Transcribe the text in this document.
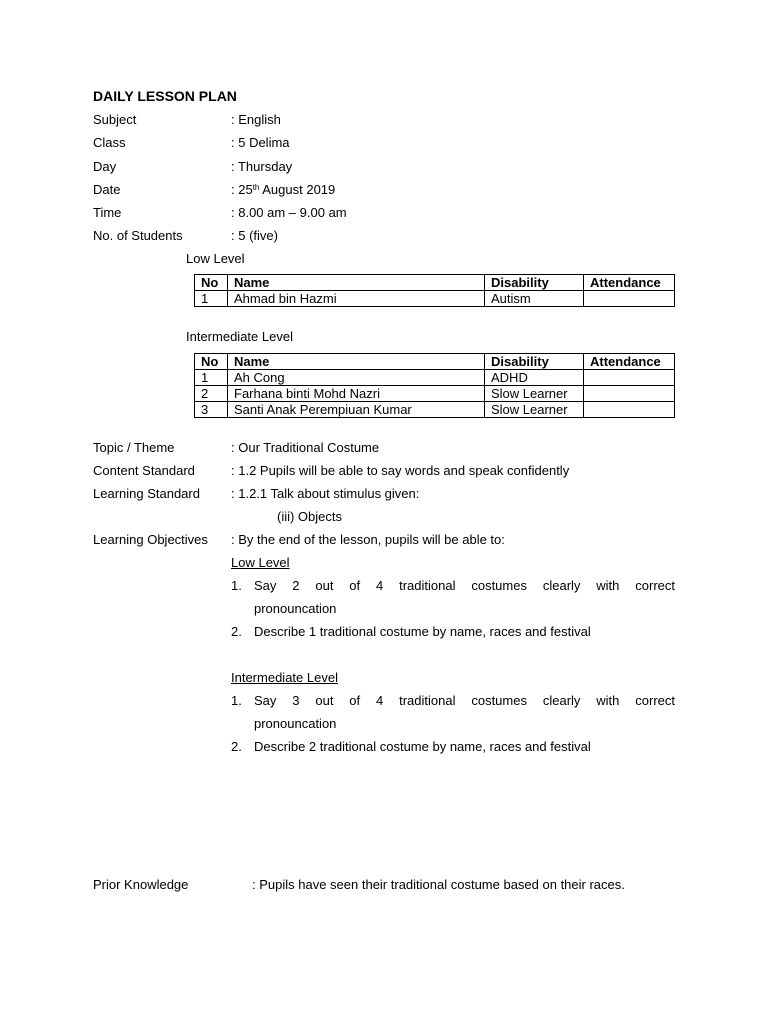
DAILY LESSON PLAN
Subject	: English
Class	: 5 Delima
Day	: Thursday
Date	: 25th August 2019
Time	: 8.00 am – 9.00 am
No. of Students	: 5 (five)
Low Level
No	Name	Disability	Attendance
1	Ahmad bin Hazmi	Autism	
Intermediate Level
No	Name	Disability	Attendance
1	Ah Cong	ADHD	
2	Farhana binti Mohd Nazri	Slow Learner	
3	Santi Anak Perempiuan Kumar	Slow Learner	
Topic / Theme	: Our Traditional Costume
Content Standard	: 1.2 Pupils will be able to say words and speak confidently
Learning Standard : 1.2.1 Talk about stimulus given:
(iii) Objects
Learning Objectives : By the end of the lesson, pupils will be able to:
Low Level
1. Say 2 out of 4 traditional costumes clearly with correct
pronouncation
2. Describe 1 traditional costume by name, races and festival
Intermediate Level
1. Say 3 out of 4 traditional costumes clearly with correct
pronouncation
2. Describe 2 traditional costume by name, races and festival
Prior Knowledge	: Pupils have seen their traditional costume based on their races.
